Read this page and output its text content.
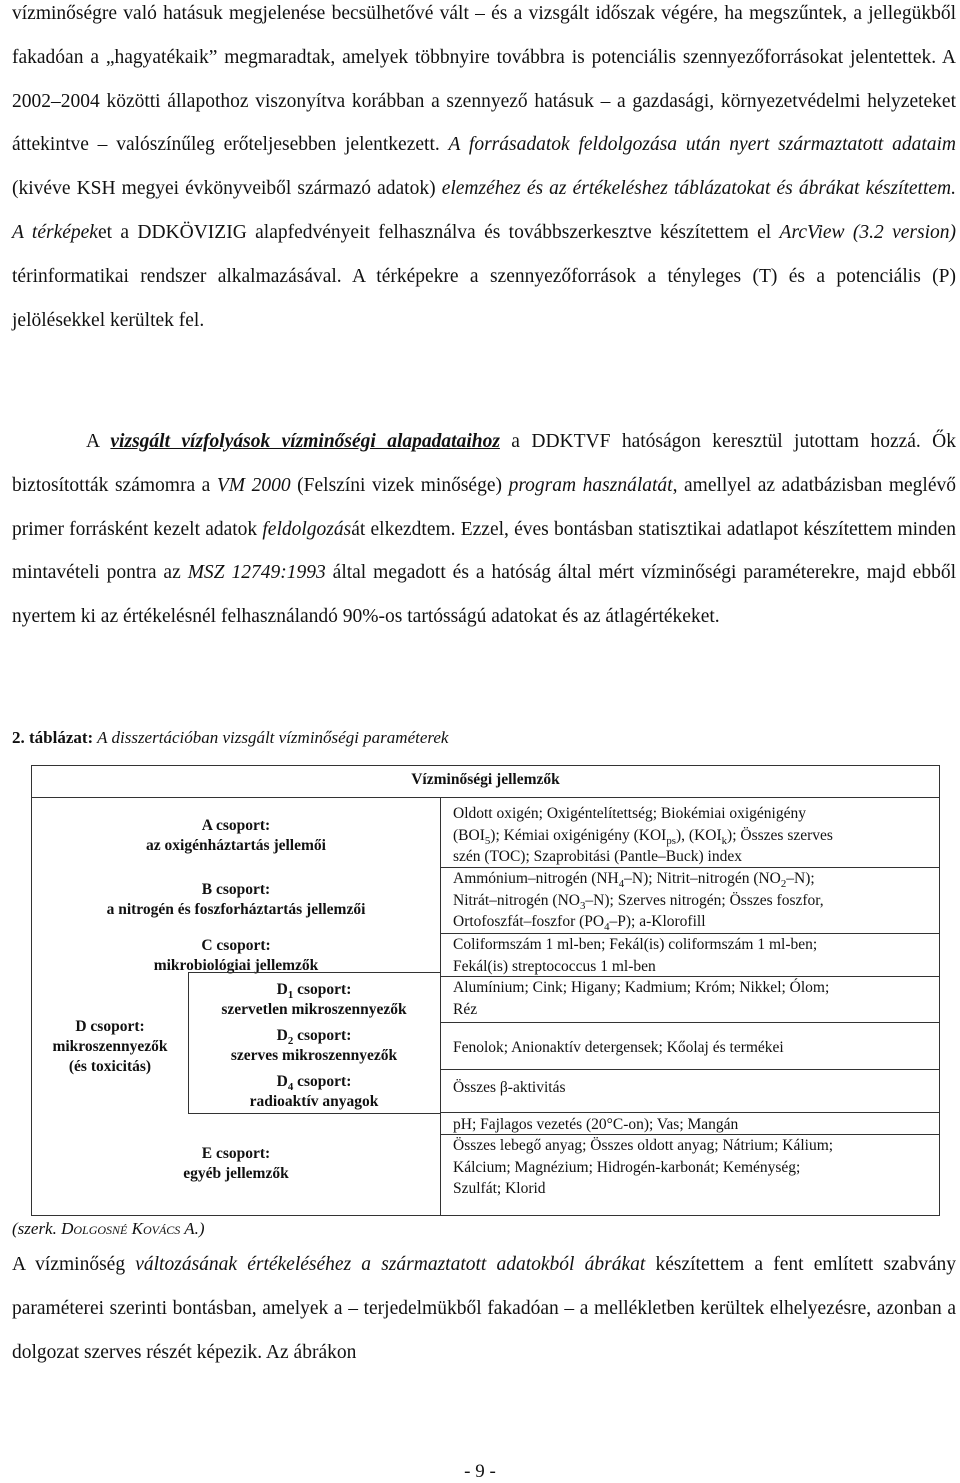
vízminőségre való hatásuk megjelenése becsülhetővé vált – és a vizsgált időszak végére, ha megszűntek, a jellegükből fakadóan a „hagyatékaik” megmaradtak, amelyek többnyire továbbra is potenciális szennyezőforrásokat jelentettek. A 2002–2004 közötti állapothoz viszonyítva korábban a szennyező hatásuk – a gazdasági, környezetvédelmi helyzeteket áttekintve – valószínűleg erőteljesebben jelentkezett. A forrásadatok feldolgozása után nyert származtatott adataim (kivéve KSH megyei évkönyveiből származó adatok) elemzéhez és az értékeléshez táblázatokat és ábrákat készítettem. A térképeket a DDKÖVIZIG alapfedvényeit felhasználva és továbbszerkesztve készítettem el ArcView (3.2 version) térinformatikai rendszer alkalmazásával. A térképekre a szennyezőforrások a tényleges (T) és a potenciális (P) jelölésekkel kerültek fel.

A vizsgált vízfolyások vízminőségi alapadataihoz a DDKTVF hatóságon keresztül jutottam hozzá. Ők biztosították számomra a VM 2000 (Felszíni vizek minősége) program használatát, amellyel az adatbázisban meglévő primer forrásként kezelt adatok feldolgozását elkezdtem. Ezzel, éves bontásban statisztikai adatlapot készítettem minden mintavételi pontra az MSZ 12749:1993 által megadott és a hatóság által mért vízminőségi paraméterekre, majd ebből nyertem ki az értékelésnél felhasználandó 90%-os tartósságú adatokat és az átlagértékeket.

2. táblázat: A disszertációban vizsgált vízminőségi paraméterek
Vízminőségi jellemzők
A csoport:
az oxigénháztartás jellemői
B csoport:
a nitrogén és foszforháztartás jellemzői
C csoport:
mikrobiológiai jellemzők
D csoport:
mikroszennyezők
(és toxicitás)
$D_1$ csoport:
szervetlen mikroszennyezők
$D_2$ csoport:
szerves mikroszennyezők
$D_4$ csoport:
radioaktív anyagok
E csoport:
egyéb jellemzők
Oldott oxigén; Oxigéntelítettség; Biokémiai oxigénigény
$(BOI_5)$; Kémiai oxigénigény $(KOI_{ps})$, $(KOI_k)$; Összes szerves
szén (TOC); Szaprobitási (Pantle–Buck) index
Ammónium–nitrogén $(NH_4-N)$; Nitrit–nitrogén $(NO_2-N)$;
Nitrát–nitrogén $(NO_3-N)$; Szerves nitrogén; Összes foszfor,
Ortofoszfát–foszfor $(PO_4-P)$; a-Klorofill
Coliformszám 1 ml-ben; Fekál(is) coliformszám 1 ml-ben;
Fekál(is) streptococcus 1 ml-ben
Alumínium; Cink; Higany; Kadmium; Króm; Nikkel; Ólom;
Réz
Fenolok; Anionaktív detergensek; Kőolaj és termékei
Összes β-aktivitás
pH; Fajlagos vezetés (20°C-on); Vas; Mangán
Összes lebegő anyag; Összes oldott anyag; Nátrium; Kálium;
Kálcium; Magnézium; Hidrogén-karbonát; Keménység;
Szulfát; Klorid
(szerk. Dolgosné Kovács A.)

A vízminőség változásának értékeléséhez a származtatott adatokból ábrákat készítettem a fent említett szabvány paraméterei szerinti bontásban, amelyek a – terjedelmükből fakadóan – a mellékletben kerültek elhelyezésre, azonban a dolgozat szerves részét képezik. Az ábrákon

- 9 -
